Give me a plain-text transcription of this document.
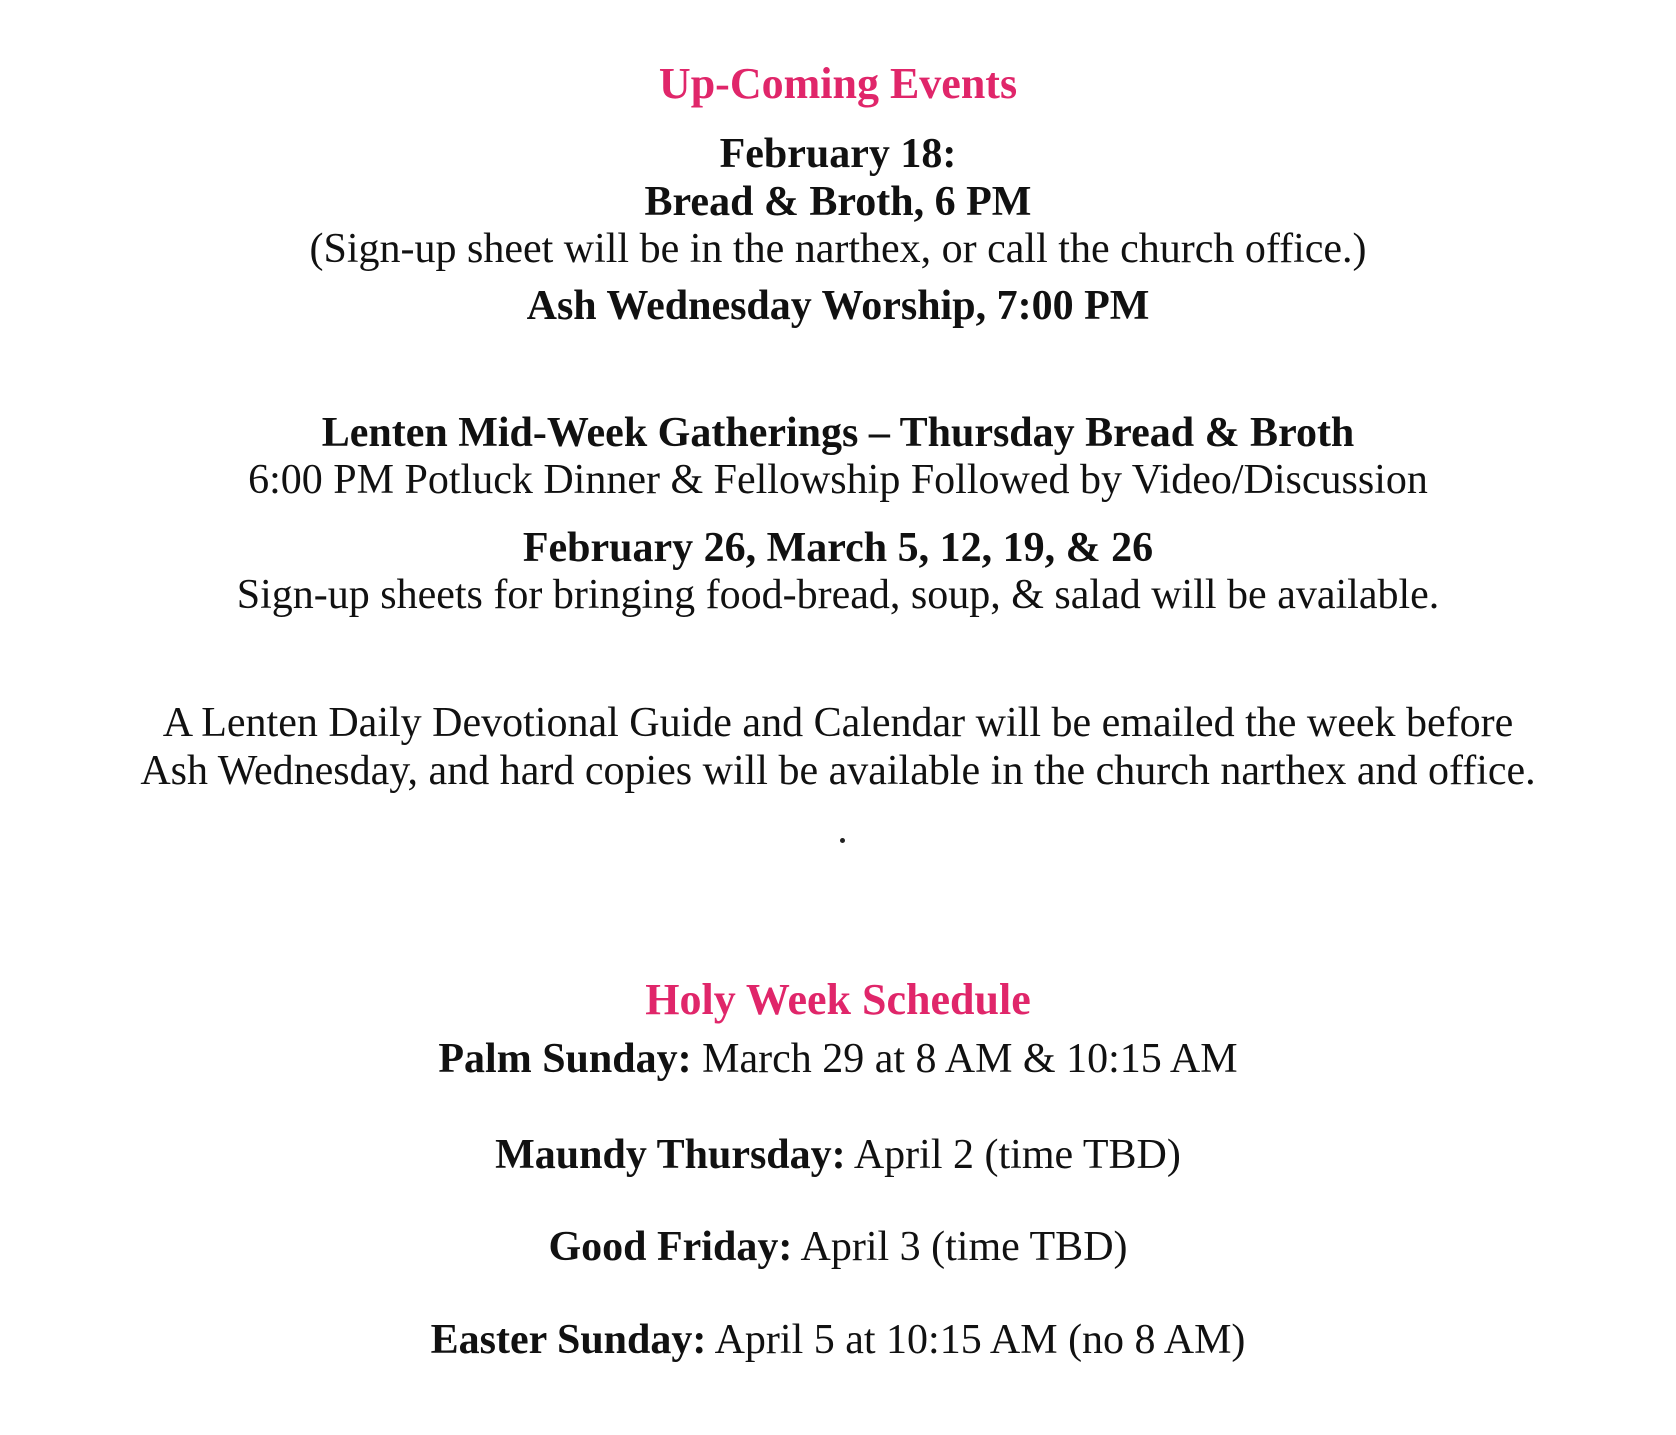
Up-Coming Events
February 18:
Bread & Broth, 6 PM
(Sign-up sheet will be in the narthex, or call the church office.)
Ash Wednesday Worship, 7:00 PM
Lenten Mid-Week Gatherings – Thursday Bread & Broth
6:00 PM Potluck Dinner & Fellowship Followed by Video/Discussion
February 26, March 5, 12, 19, & 26
Sign-up sheets for bringing food-bread, soup, & salad will be available.
A Lenten Daily Devotional Guide and Calendar will be emailed the week before
Ash Wednesday, and hard copies will be available in the church narthex and office.
Holy Week Schedule
Palm Sunday: March 29 at 8 AM & 10:15 AM
Maundy Thursday: April 2 (time TBD)
Good Friday: April 3 (time TBD)
Easter Sunday: April 5 at 10:15 AM (no 8 AM)
